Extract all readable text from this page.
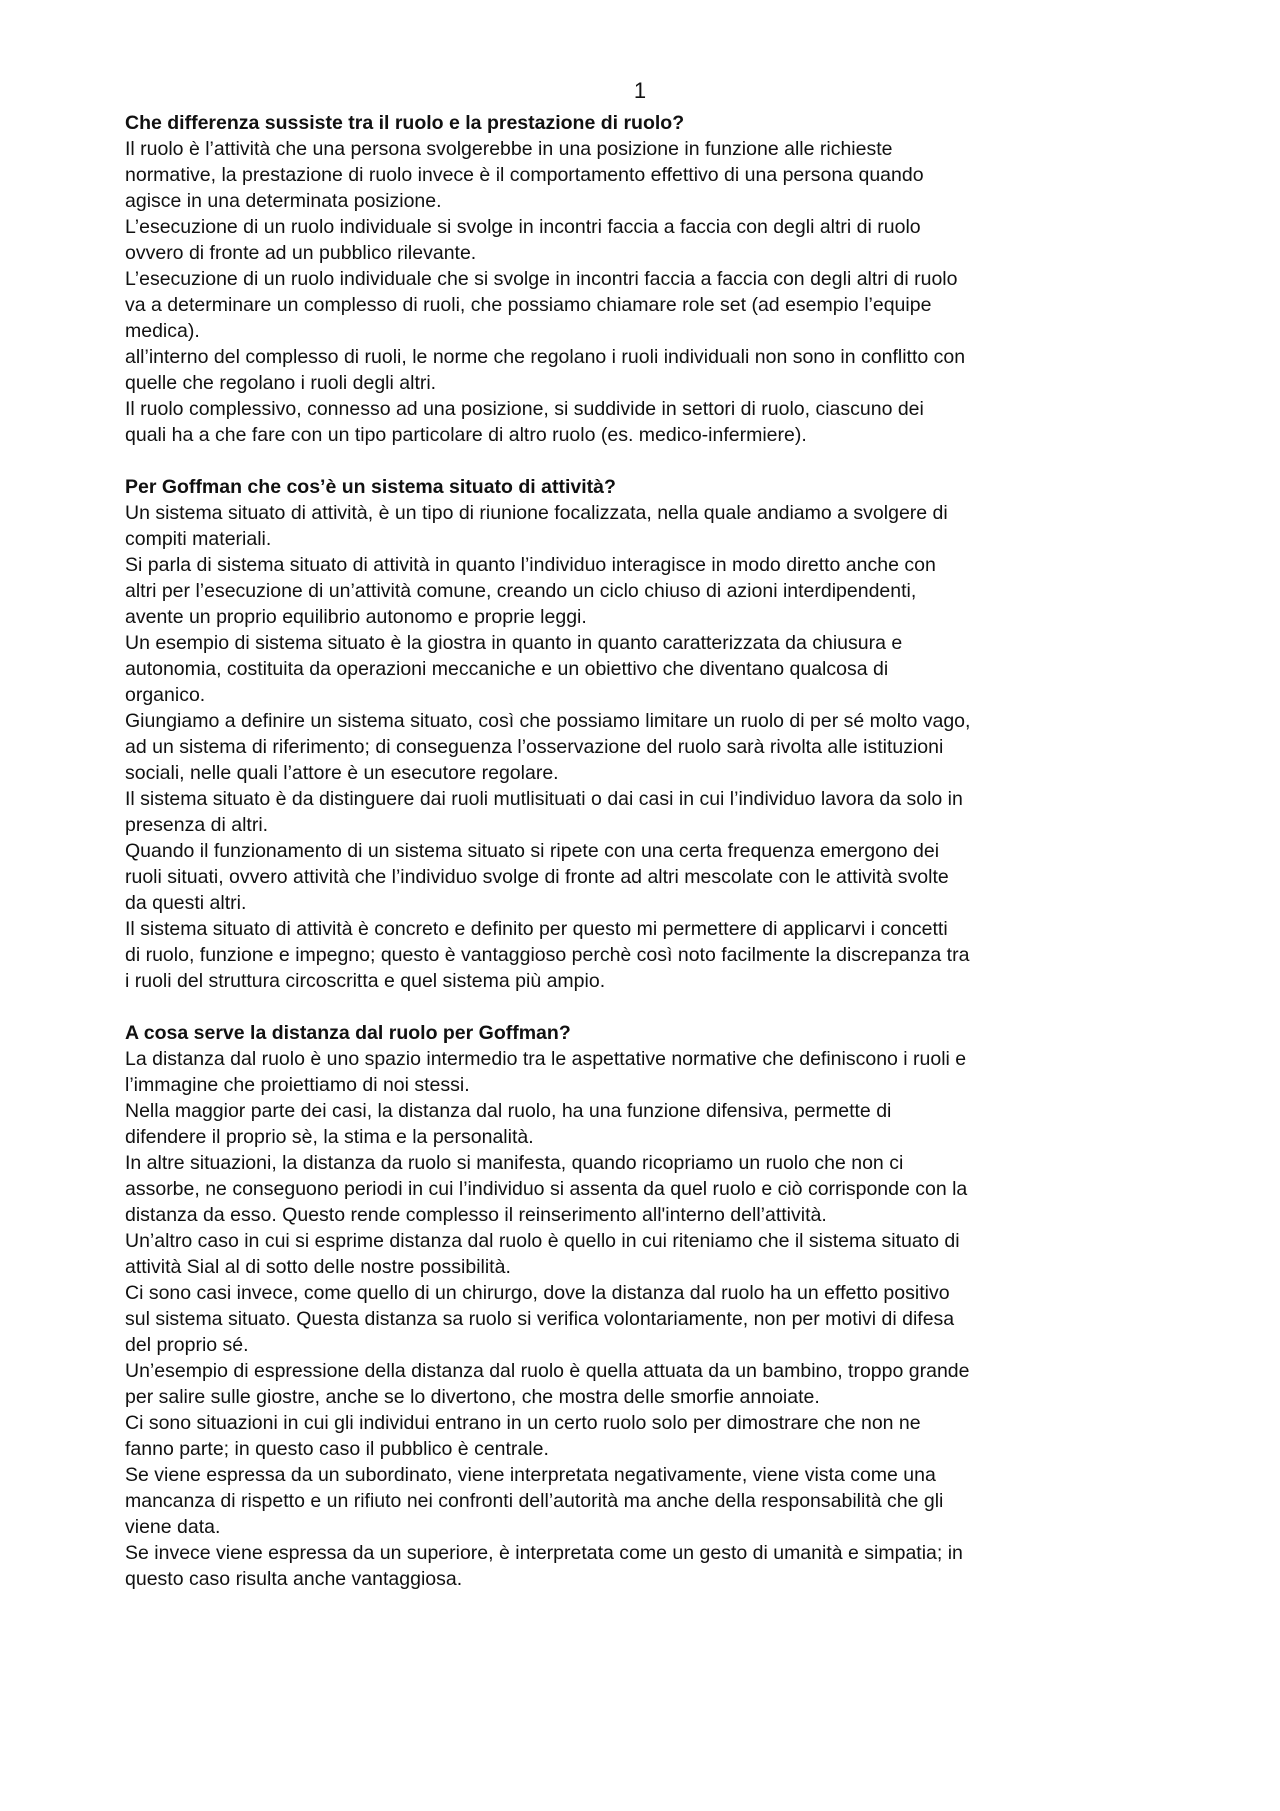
1

Che differenza sussiste tra il ruolo e la prestazione di ruolo?

Il ruolo è l’attività che una persona svolgerebbe in una posizione in funzione alle richieste
normative, la prestazione di ruolo invece è il comportamento effettivo di una persona quando
agisce in una determinata posizione.

L’esecuzione di un ruolo individuale si svolge in incontri faccia a faccia con degli altri di ruolo
ovvero di fronte ad un pubblico rilevante.

L’esecuzione di un ruolo individuale che si svolge in incontri faccia a faccia con degli altri di ruolo
va a determinare un complesso di ruoli, che possiamo chiamare role set (ad esempio l’equipe
medica).

all’interno del complesso di ruoli, le norme che regolano i ruoli individuali non sono in conflitto con
quelle che regolano i ruoli degli altri.

Il ruolo complessivo, connesso ad una posizione, si suddivide in settori di ruolo, ciascuno dei
quali ha a che fare con un tipo particolare di altro ruolo (es. medico-infermiere).

Per Goffman che cos’è un sistema situato di attività?

Un sistema situato di attività, è un tipo di riunione focalizzata, nella quale andiamo a svolgere di
compiti materiali.

Si parla di sistema situato di attività in quanto l’individuo interagisce in modo diretto anche con
altri per l’esecuzione di un’attività comune, creando un ciclo chiuso di azioni interdipendenti,
avente un proprio equilibrio autonomo e proprie leggi.

Un esempio di sistema situato è la giostra in quanto in quanto caratterizzata da chiusura e
autonomia, costituita da operazioni meccaniche e un obiettivo che diventano qualcosa di
organico.

Giungiamo a definire un sistema situato, così che possiamo limitare un ruolo di per sé molto vago,
ad un sistema di riferimento; di conseguenza l’osservazione del ruolo sarà rivolta alle istituzioni
sociali, nelle quali l’attore è un esecutore regolare.

Il sistema situato è da distinguere dai ruoli mutlisituati o dai casi in cui l’individuo lavora da solo in
presenza di altri.

Quando il funzionamento di un sistema situato si ripete con una certa frequenza emergono dei
ruoli situati, ovvero attività che l’individuo svolge di fronte ad altri mescolate con le attività svolte
da questi altri.

Il sistema situato di attività è concreto e definito per questo mi permettere di applicarvi i concetti
di ruolo, funzione e impegno; questo è vantaggioso perchè così noto facilmente la discrepanza tra
i ruoli del struttura circoscritta e quel sistema più ampio.

A cosa serve la distanza dal ruolo per Goffman?

La distanza dal ruolo è uno spazio intermedio tra le aspettative normative che definiscono i ruoli e
l’immagine che proiettiamo di noi stessi.

Nella maggior parte dei casi, la distanza dal ruolo, ha una funzione difensiva, permette di
difendere il proprio sè, la stima e la personalità.

In altre situazioni, la distanza da ruolo si manifesta, quando ricopriamo un ruolo che non ci
assorbe, ne conseguono periodi in cui l’individuo si assenta da quel ruolo e ciò corrisponde con la
distanza da esso. Questo rende complesso il reinserimento all'interno dell’attività.

Un’altro caso in cui si esprime distanza dal ruolo è quello in cui riteniamo che il sistema situato di
attività Sial al di sotto delle nostre possibilità.

Ci sono casi invece, come quello di un chirurgo, dove la distanza dal ruolo ha un effetto positivo
sul sistema situato. Questa distanza sa ruolo si verifica volontariamente, non per motivi di difesa
del proprio sé.

Un’esempio di espressione della distanza dal ruolo è quella attuata da un bambino, troppo grande
per salire sulle giostre, anche se lo divertono, che mostra delle smorfie annoiate.

Ci sono situazioni in cui gli individui entrano in un certo ruolo solo per dimostrare che non ne
fanno parte; in questo caso il pubblico è centrale.

Se viene espressa da un subordinato, viene interpretata negativamente, viene vista come una
mancanza di rispetto e un rifiuto nei confronti dell’autorità ma anche della responsabilità che gli
viene data.

Se invece viene espressa da un superiore, è interpretata come un gesto di umanità e simpatia; in
questo caso risulta anche vantaggiosa.
